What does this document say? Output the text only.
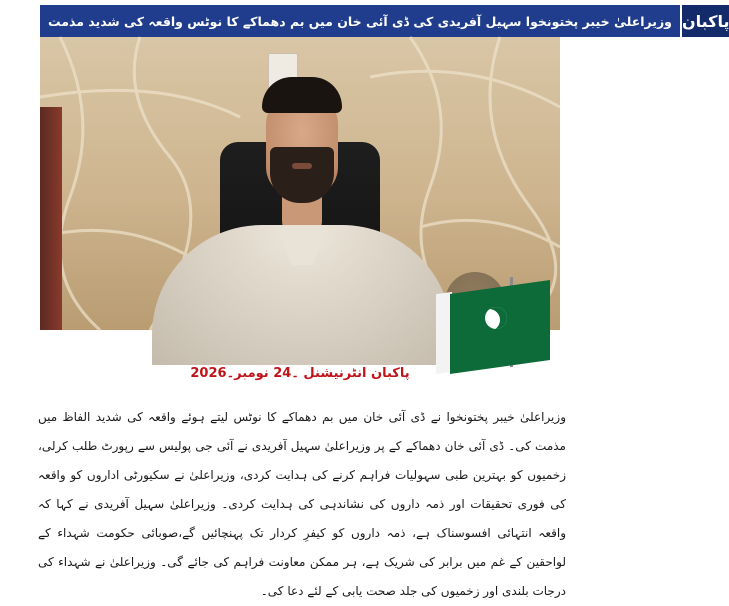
وزیراعلیٰ خیبر پختونخوا سہیل آفریدی کی ڈی آئی خان میں بم دھماکے کا نوٹس واقعہ کی شدید مذمت پاکبان
پاکبان انٹرنیشنل ۔24 نومبر۔2026

وزیراعلیٰ خیبر پختونخوا نے ڈی آئی خان میں بم دھماکے کا نوٹس لیتے ہوئے واقعہ کی شدید الفاظ میں مذمت کی۔ ڈی آئی خان دھماکے کے پر وزیراعلیٰ سہیل آفریدی نے آئی جی پولیس سے رپورٹ طلب کرلی، زخمیوں کو بہترین طبی سہولیات فراہم کرنے کی ہدایت کردی، وزیراعلیٰ نے سکیورٹی اداروں کو واقعہ کی فوری تحقیقات اور ذمہ داروں کی نشاندہی کی ہدایت کردی۔ وزیراعلیٰ سہیل آفریدی نے کہا کہ واقعہ انتہائی افسوسناک ہے، ذمہ داروں کو کیفرِ کردار تک پہنچائیں گے،صوبائی حکومت شہداء کے لواحقین کے غم میں برابر کی شریک ہے، ہر ممکن معاونت فراہم کی جائے گی۔ وزیراعلیٰ نے شہداء کی درجات بلندی اور زخمیوں کی جلد صحت یابی کے لئے دعا کی۔
